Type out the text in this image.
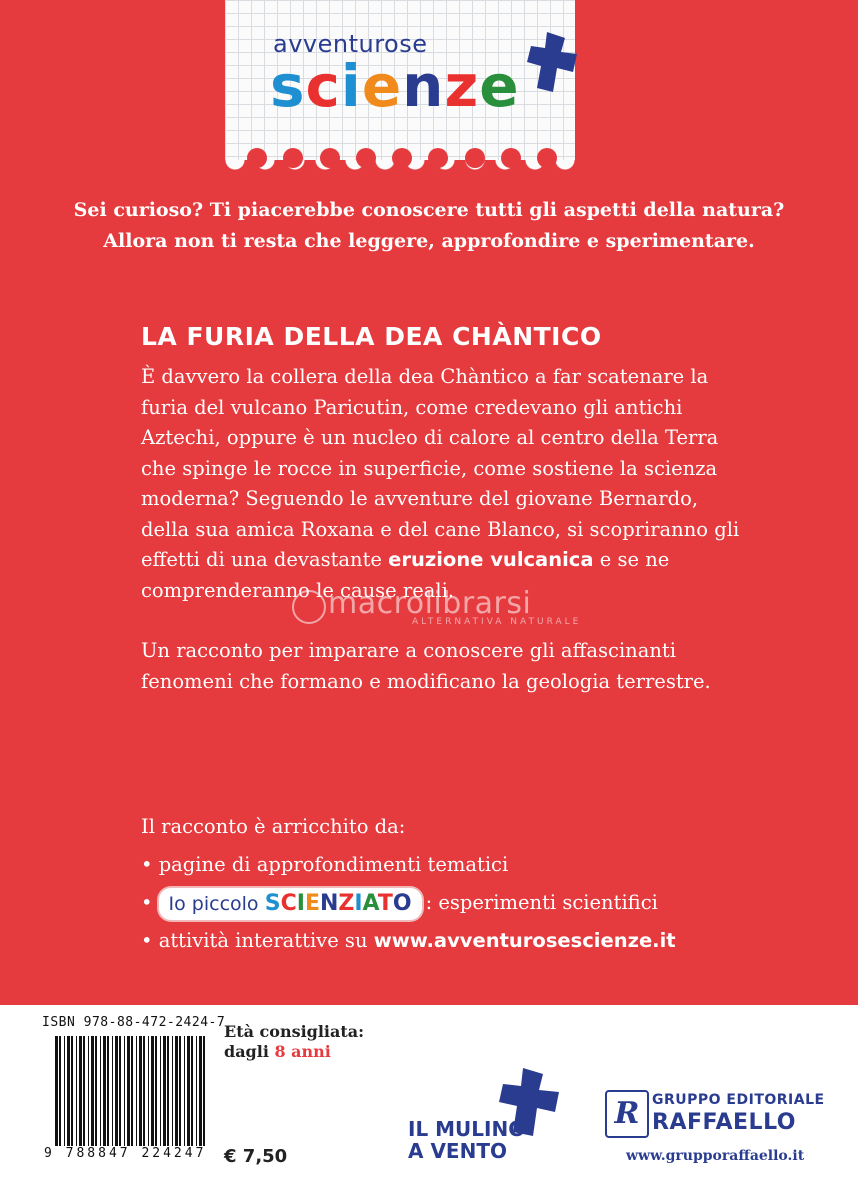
avventurose
scienze
Sei curioso? Ti piacerebbe conoscere tutti gli aspetti della natura?
Allora non ti resta che leggere, approfondire e sperimentare.
LA FURIA DELLA DEA CHÀNTICO

È davvero la collera della dea Chàntico a far scatenare la furia del vulcano Paricutin, come credevano gli antichi Aztechi, oppure è un nucleo di calore al centro della Terra che spinge le rocce in superficie, come sostiene la scienza moderna? Seguendo le avventure del giovane Bernardo, della sua amica Roxana e del cane Blanco, si scopriranno gli effetti di una devastante eruzione vulcanica e se ne comprenderanno le cause reali.

Un racconto per imparare a conoscere gli affascinanti fenomeni che formano e modificano la geologia terrestre.

macrolibrarsi
ALTERNATIVA NATURALE
Il racconto è arricchito da:
• pagine di approfondimenti tematici
• Io piccolo SCIENZIATO : esperimenti scientifici
• attività interattive su www.avventurosescienze.it
ISBN 978-88-472-2424-7
9 788847 224247
Età consigliata:
dagli 8 anni
€ 7,50
IL MULINO
A VENTO
R GRUPPO EDITORIALE
RAFFAELLO
www.grupporaffaello.it
